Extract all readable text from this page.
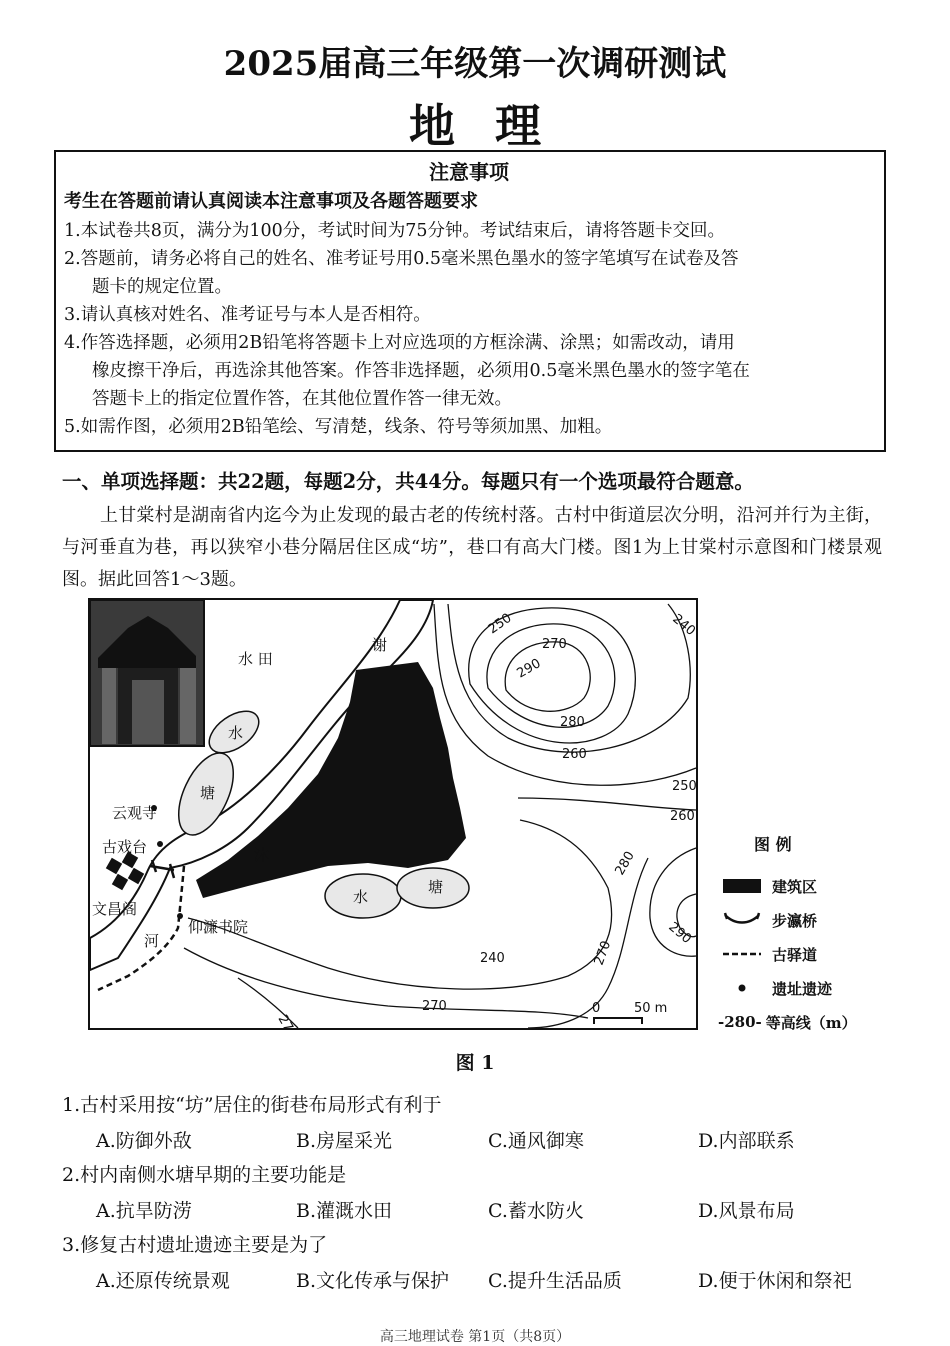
2025届高三年级第一次调研测试
地理
注意事项
考生在答题前请认真阅读本注意事项及各题答题要求
1.本试卷共8页，满分为100分，考试时间为75分钟。考试结束后，请将答题卡交回。
2.答题前，请务必将自己的姓名、准考证号用0.5毫米黑色墨水的签字笔填写在试卷及答
题卡的规定位置。
3.请认真核对姓名、准考证号与本人是否相符。
4.作答选择题，必须用2B铅笔将答题卡上对应选项的方框涂满、涂黑；如需改动，请用
橡皮擦干净后，再选涂其他答案。作答非选择题，必须用0.5毫米黑色墨水的签字笔在
答题卡上的指定位置作答，在其他位置作答一律无效。
5.如需作图，必须用2B铅笔绘、写清楚，线条、符号等须加黑、加粗。
一、单项选择题：共22题，每题2分，共44分。每题只有一个选项最符合题意。
上甘棠村是湖南省内迄今为止发现的最古老的传统村落。古村中街道层次分明，沿河并行为主街，与河垂直为巷，再以狭窄小巷分隔居住区成“坊”，巷口有高大门楼。图1为上甘棠村示意图和门楼景观图。据此回答1～3题。
水 田
水
塘
水
塘
谢
沐
河
云观寺
古戏台
文昌阁
仰濂书院
250
270
290
280
260
250
260
280
290
270
240
270
270
240
0	50 m
图 例
建筑区
步瀛桥
古驿道
遗址遗迹
-280- 等高线（m）
图 1
1.古村采用按“坊”居住的街巷布局形式有利于
A.防御外敌	B.房屋采光	C.通风御寒	D.内部联系
2.村内南侧水塘早期的主要功能是
A.抗旱防涝	B.灌溉水田	C.蓄水防火	D.风景布局
3.修复古村遗址遗迹主要是为了
A.还原传统景观	B.文化传承与保护 C.提升生活品质	D.便于休闲和祭祀
高三地理试卷 第1页（共8页）
